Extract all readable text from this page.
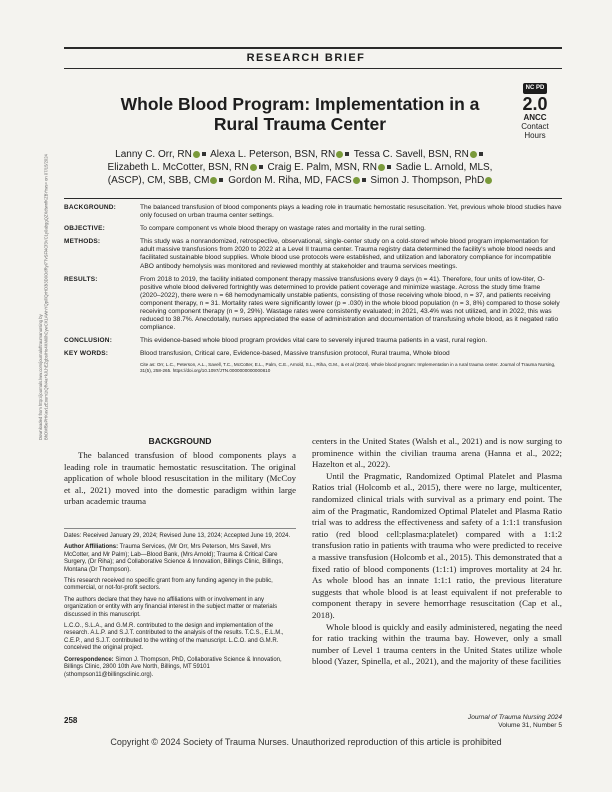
RESEARCH BRIEF
Downloaded from http://journals.lww.com/journaloftraumanursing by BhDMf5ePHKav1zEoum1tQfN4a+kJLhEZgbsIHo4XMi0hCywCX1AWnYQp/IlQrHD3i3D0OdRyi7TvSFl4Cf3VC1y0abggQZXdtwnfKZBYtws= on 07/15/2024
Whole Blood Program: Implementation in a Rural Trauma Center
NC PD
2.0
ANCC
Contact Hours
Lanny C. Orr, RN Alexa L. Peterson, BSN, RN Tessa C. Savell, BSN, RN Elizabeth L. McCotter, BSN, RN Craig E. Palm, MSN, RN Sadie L. Arnold, MLS, (ASCP), CM, SBB, CM Gordon M. Riha, MD, FACS Simon J. Thompson, PhD
BACKGROUND:	The balanced transfusion of blood components plays a leading role in traumatic hemostatic resuscitation. Yet, previous whole blood studies have only focused on urban trauma center settings.
OBJECTIVE:	To compare component vs whole blood therapy on wastage rates and mortality in the rural setting.
METHODS:	This study was a nonrandomized, retrospective, observational, single-center study on a cold-stored whole blood program implementation for adult massive transfusions from 2020 to 2022 at a Level II trauma center. Trauma registry data determined the facility's whole blood needs and facilitated sustainable blood supplies. Whole blood use protocols were established, and utilization and laboratory compliance for incompatible ABO antibody hemolysis was monitored and reviewed monthly at stakeholder and trauma services meetings.
RESULTS:	From 2018 to 2019, the facility initiated component therapy massive transfusions every 9 days (n = 41). Therefore, four units of low-titer, O-positive whole blood delivered fortnightly was determined to provide patient coverage and minimize wastage. Across the study time frame (2020–2022), there were n = 68 hemodynamically unstable patients, consisting of those receiving whole blood, n = 37, and patients receiving component therapy, n = 31. Mortality rates were significantly lower (p = .030) in the whole blood population (n = 3, 8%) compared to those solely receiving component therapy (n = 9, 29%). Wastage rates were consistently evaluated; in 2021, 43.4% was not utilized, and in 2022, this was reduced to 38.7%. Anecdotally, nurses appreciated the ease of administration and documentation of transfusing whole blood, as it negated ratio compliance.
CONCLUSION:	This evidence-based whole blood program provides vital care to severely injured trauma patients in a vast, rural region.
KEY WORDS:	Blood transfusion, Critical care, Evidence-based, Massive transfusion protocol, Rural trauma, Whole blood
Cite as: Orr, L.C., Peterson, A.L., Savell, T.C., McCotter, E.L., Palm, C.E., Arnold, S.L., Riha, G.M., & et al (2024). Whole blood program: Implementation in a rural trauma center. Journal of Trauma Nursing, 31(5), 258-265. https://doi.org/10.1097/JTN.0000000000000810
BACKGROUND

The balanced transfusion of blood components plays a leading role in traumatic hemostatic resuscitation. The original application of whole blood resuscitation in the military (McCoy et al., 2021) moved into the domestic paradigm within large urban academic trauma

Dates: Received January 29, 2024; Revised June 13, 2024; Accepted June 19, 2024.

Author Affiliations: Trauma Services, (Mr Orr, Mrs Peterson, Mrs Savell, Mrs McCotter, and Mr Palm); Lab—Blood Bank, (Mrs Arnold); Trauma & Critical Care Surgery, (Dr Riha); and Collaborative Science & Innovation, Billings Clinic, Billings, Montana (Dr Thompson).

This research received no specific grant from any funding agency in the public, commercial, or not-for-profit sectors.

The authors declare that they have no affiliations with or involvement in any organization or entity with any financial interest in the subject matter or materials discussed in this manuscript.

L.C.O., S.L.A., and G.M.R. contributed to the design and implementation of the research. A.L.P. and S.J.T. contributed to the analysis of the results. T.C.S., E.L.M., C.E.P., and S.J.T. contributed to the writing of the manuscript. L.C.O. and G.M.R. conceived the original project.

Correspondence: Simon J. Thompson, PhD, Collaborative Science & Innovation, Billings Clinic, 2800 10th Ave North, Billings, MT 59101 (sthompson11@billingsclinic.org).

centers in the United States (Walsh et al., 2021) and is now surging to prominence within the civilian trauma arena (Hanna et al., 2022; Hazelton et al., 2022).

Until the Pragmatic, Randomized Optimal Platelet and Plasma Ratios trial (Holcomb et al., 2015), there were no large, multicenter, randomized clinical trials with survival as a primary end point. The aim of the Pragmatic, Randomized Optimal Platelet and Plasma Ratio trial was to address the effectiveness and safety of a 1:1:1 transfusion ratio (red blood cell:plasma:platelet) compared with a 1:1:2 transfusion ratio in patients with trauma who were predicted to receive a massive transfusion (Holcomb et al., 2015). This demonstrated that a fixed ratio of blood components (1:1:1) improves mortality at 24 hr. As whole blood has an innate 1:1:1 ratio, the previous literature suggests that whole blood is at least equivalent if not preferable to component therapy in severe hemorrhage resuscitation (Cap et al., 2018).

Whole blood is quickly and easily administered, negating the need for ratio tracking within the trauma bay. However, only a small number of Level 1 trauma centers in the United States utilize whole blood (Yazer, Spinella, et al., 2021), and the majority of these facilities

258	Journal of Trauma Nursing 2024
Volume 31, Number 5
Copyright © 2024 Society of Trauma Nurses. Unauthorized reproduction of this article is prohibited
